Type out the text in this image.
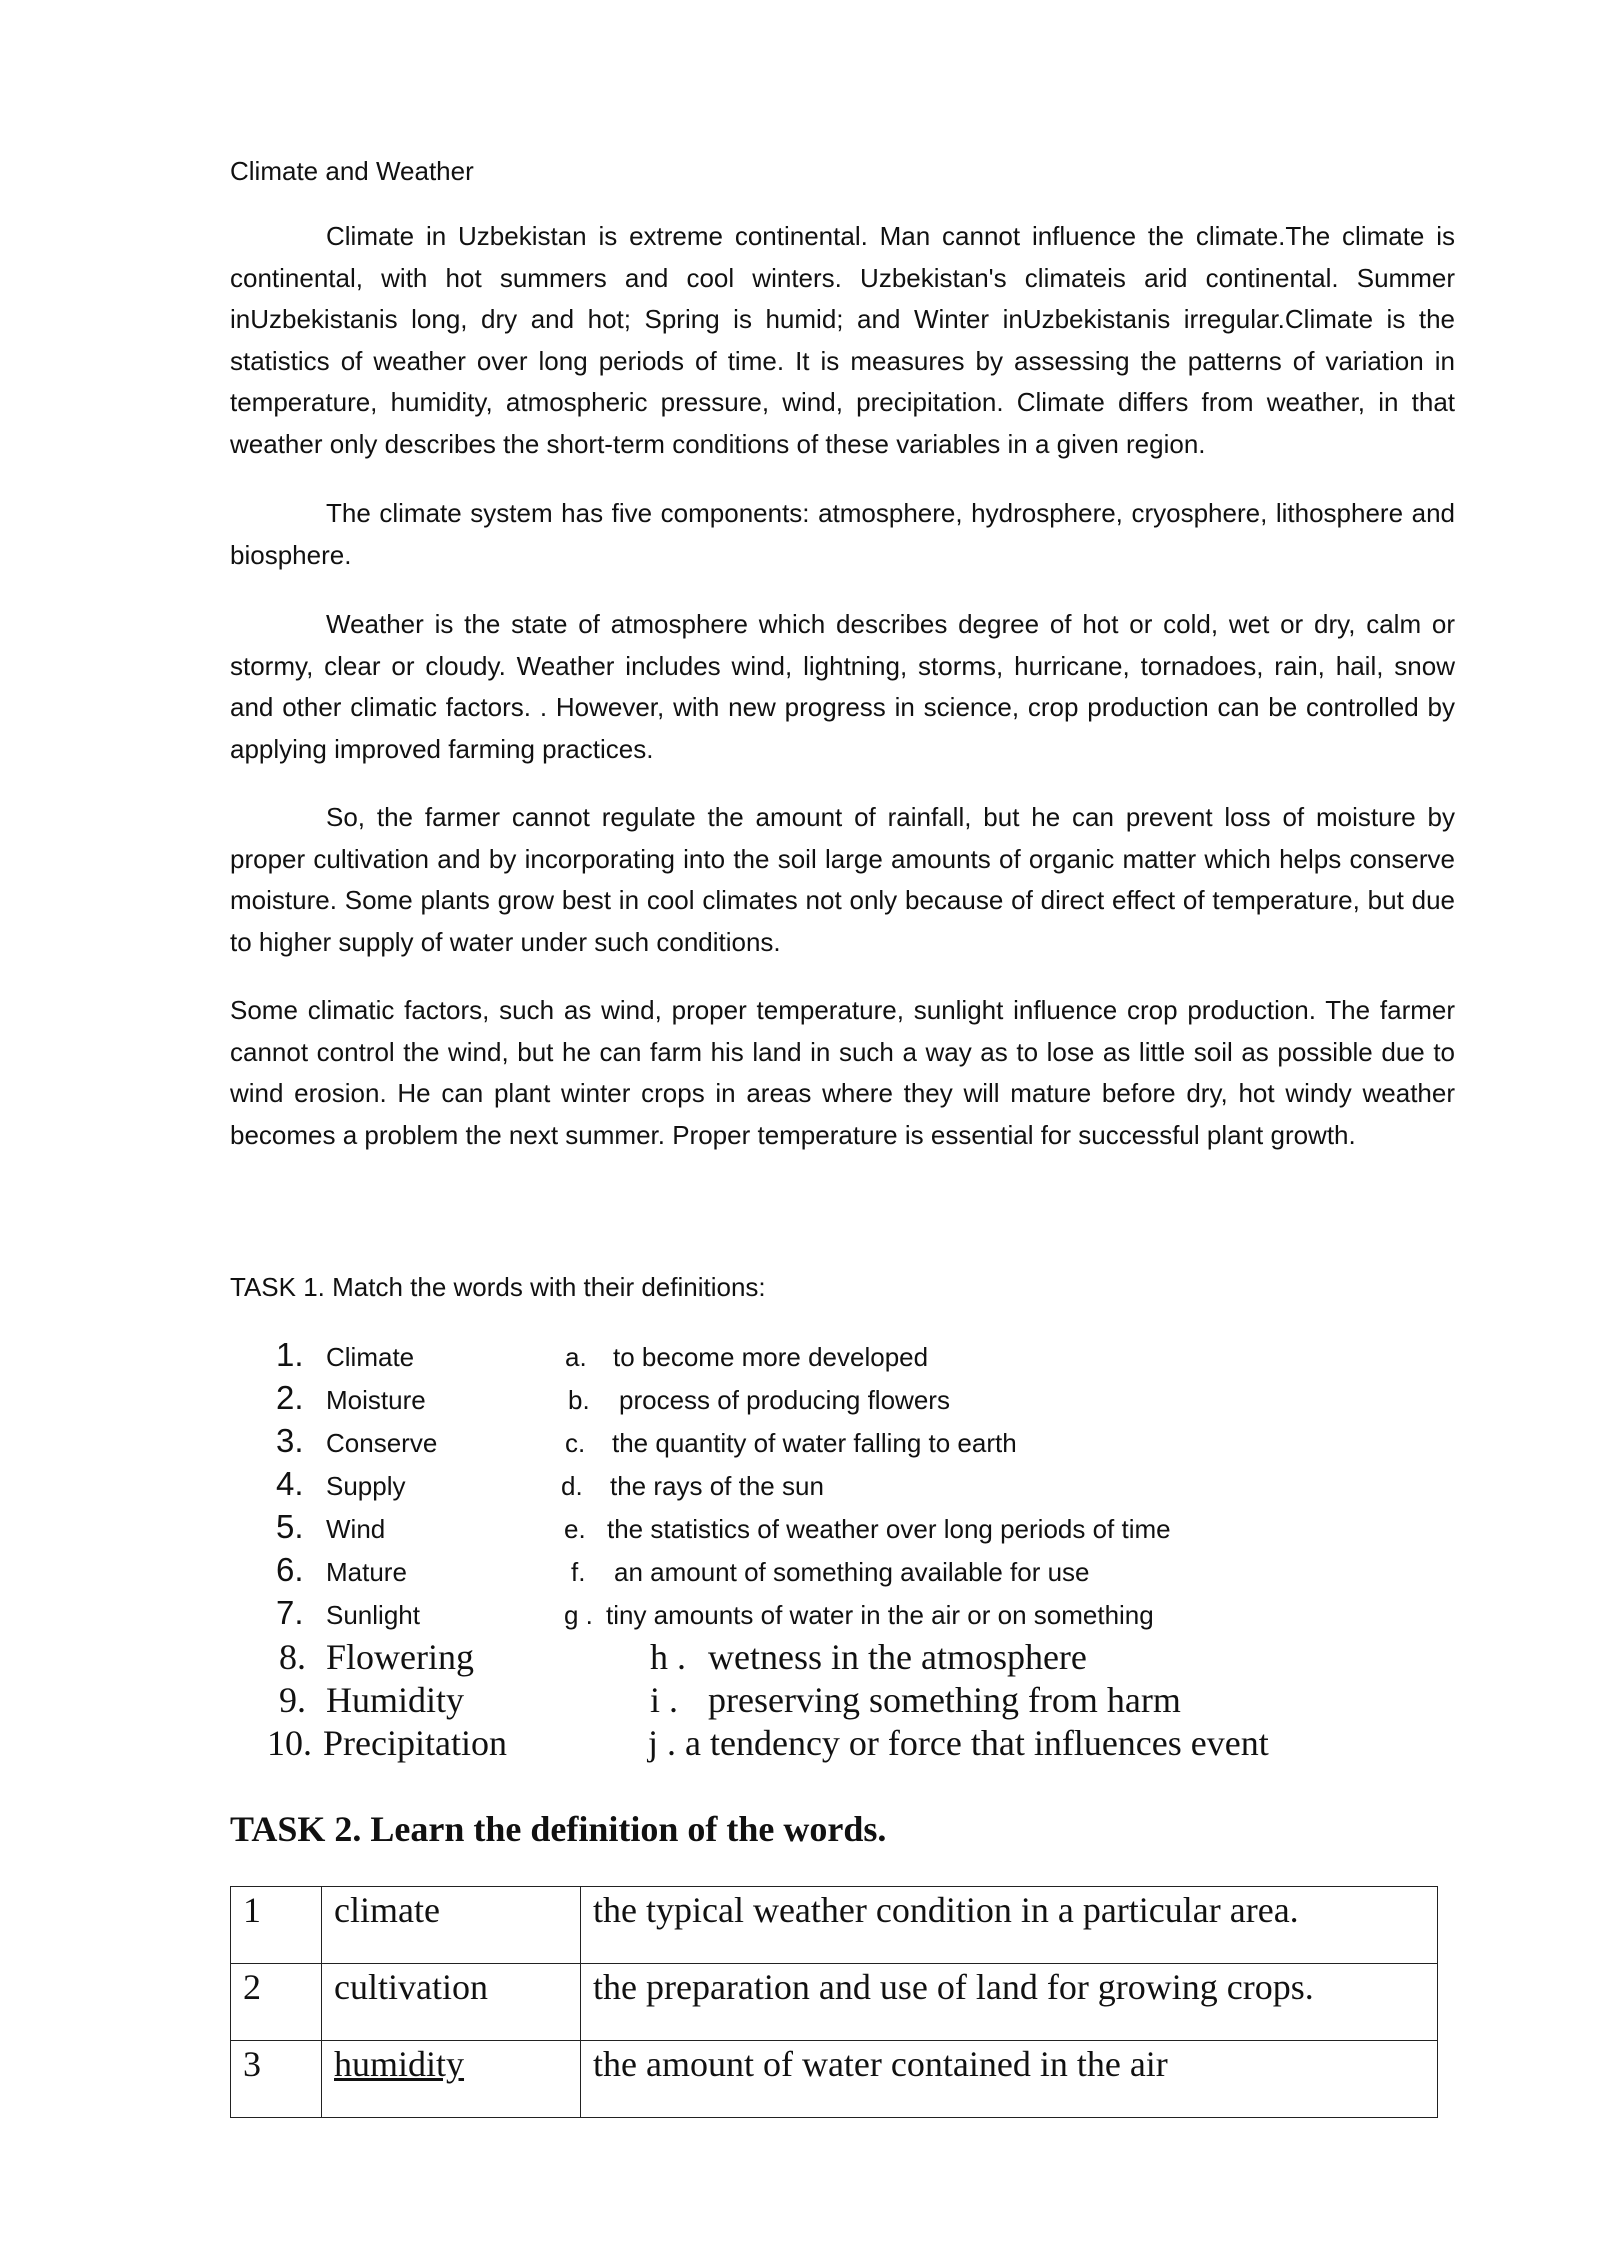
Climate and Weather

Climate in Uzbekistan is extreme continental. Man cannot influence the climate.The climate is continental, with hot summers and cool winters. Uzbekistan's climateis arid continental. Summer inUzbekistanis long, dry and hot; Spring is humid; and Winter inUzbekistanis irregular.Climate is the statistics of weather over long periods of time. It is measures by assessing the patterns of variation in temperature, humidity, atmospheric pressure, wind, precipitation. Climate differs from weather, in that weather only describes the short-term conditions of these variables in a given region.

The climate system has five components: atmosphere, hydrosphere, cryosphere, lithosphere and biosphere.

Weather is the state of atmosphere which describes degree of hot or cold, wet or dry, calm or stormy, clear or cloudy. Weather includes wind, lightning, storms, hurricane, tornadoes, rain, hail, snow and other climatic factors. . However, with new progress in science, crop production can be controlled by applying improved farming practices.

So, the farmer cannot regulate the amount of rainfall, but he can prevent loss of moisture by proper cultivation and by incorporating into the soil large amounts of organic matter which helps conserve moisture. Some plants grow best in cool climates not only because of direct effect of temperature, but due to higher supply of water under such conditions.

Some climatic factors, such as wind, proper temperature, sunlight influence crop production. The farmer cannot control the wind, but he can farm his land in such a way as to lose as little soil as possible due to wind erosion. He can plant winter crops in areas where they will mature before dry, hot windy weather becomes a problem the next summer. Proper temperature is essential for successful plant growth.

TASK 1. Match the words with their definitions:
1. Climate	a. to become more developed
2. Moisture	b. process of producing flowers
3. Conserve	c. the quantity of water falling to earth
4. Supply	d. the rays of the sun
5. Wind	e. the statistics of weather over long periods of time
6. Mature	f. an amount of something available for use
7. Sunlight	g . tiny amounts of water in the air or on something
8. Flowering	h . wetness in the atmosphere
9. Humidity	i . preserving something from harm
10. Precipitation	j . a tendency or force that influences event
TASK 2. Learn the definition of the words.
1	climate	the typical weather condition in a particular area.
2	cultivation	the preparation and use of land for growing crops.
3	humidity	the amount of water contained in the air
